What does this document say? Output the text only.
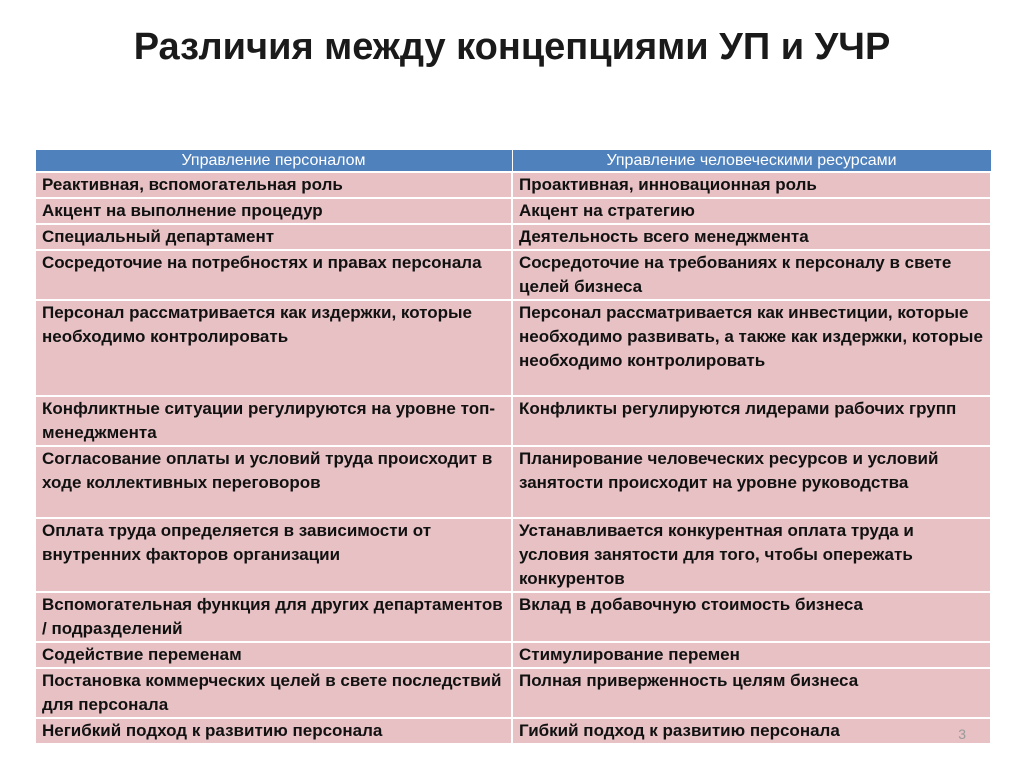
Различия между концепциями УП и УЧР
Управление персоналом	Управление человеческими ресурсами
Реактивная, вспомогательная роль	Проактивная, инновационная роль
Акцент на выполнение процедур	Акцент на стратегию
Специальный департамент	Деятельность всего менеджмента
Сосредоточие на потребностях и правах персонала	Сосредоточие на требованиях к персоналу в свете целей бизнеса
Персонал рассматривается как издержки, которые необходимо контролировать	Персонал рассматривается как инвестиции, которые необходимо развивать, а также как издержки, которые необходимо контролировать
Конфликтные ситуации регулируются на уровне топ-менеджмента	Конфликты регулируются лидерами рабочих групп
Согласование оплаты и условий труда происходит в ходе коллективных переговоров	Планирование человеческих ресурсов и условий занятости происходит на уровне руководства
Оплата труда определяется в зависимости от внутренних факторов организации	Устанавливается конкурентная оплата труда и условия занятости для того, чтобы опережать конкурентов
Вспомогательная функция для других департаментов / подразделений	Вклад в добавочную стоимость бизнеса
Содействие переменам	Стимулирование перемен
Постановка коммерческих целей в свете последствий для персонала	Полная приверженность целям бизнеса
Негибкий подход к развитию персонала	Гибкий подход к развитию персонала	3
